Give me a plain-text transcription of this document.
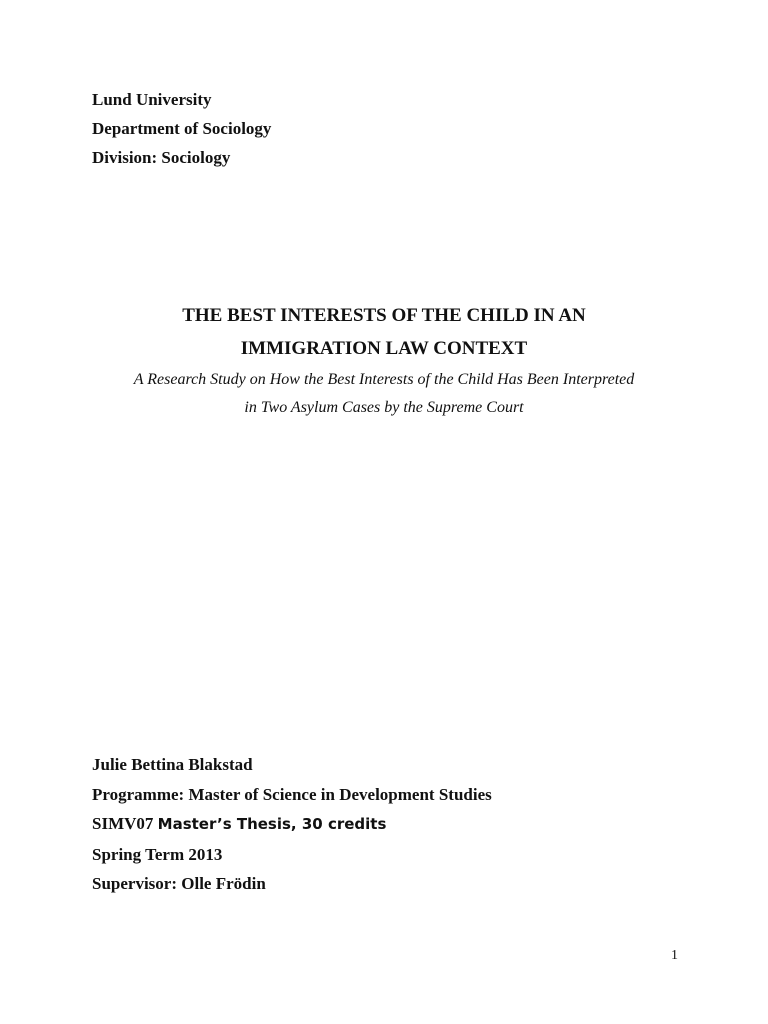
Lund University
Department of Sociology
Division: Sociology
THE BEST INTERESTS OF THE CHILD IN AN
IMMIGRATION LAW CONTEXT
A Research Study on How the Best Interests of the Child Has Been Interpreted
in Two Asylum Cases by the Supreme Court
Julie Bettina Blakstad
Programme: Master of Science in Development Studies
SIMV07 Master’s Thesis, 30 credits
Spring Term 2013
Supervisor: Olle Frödin
1
